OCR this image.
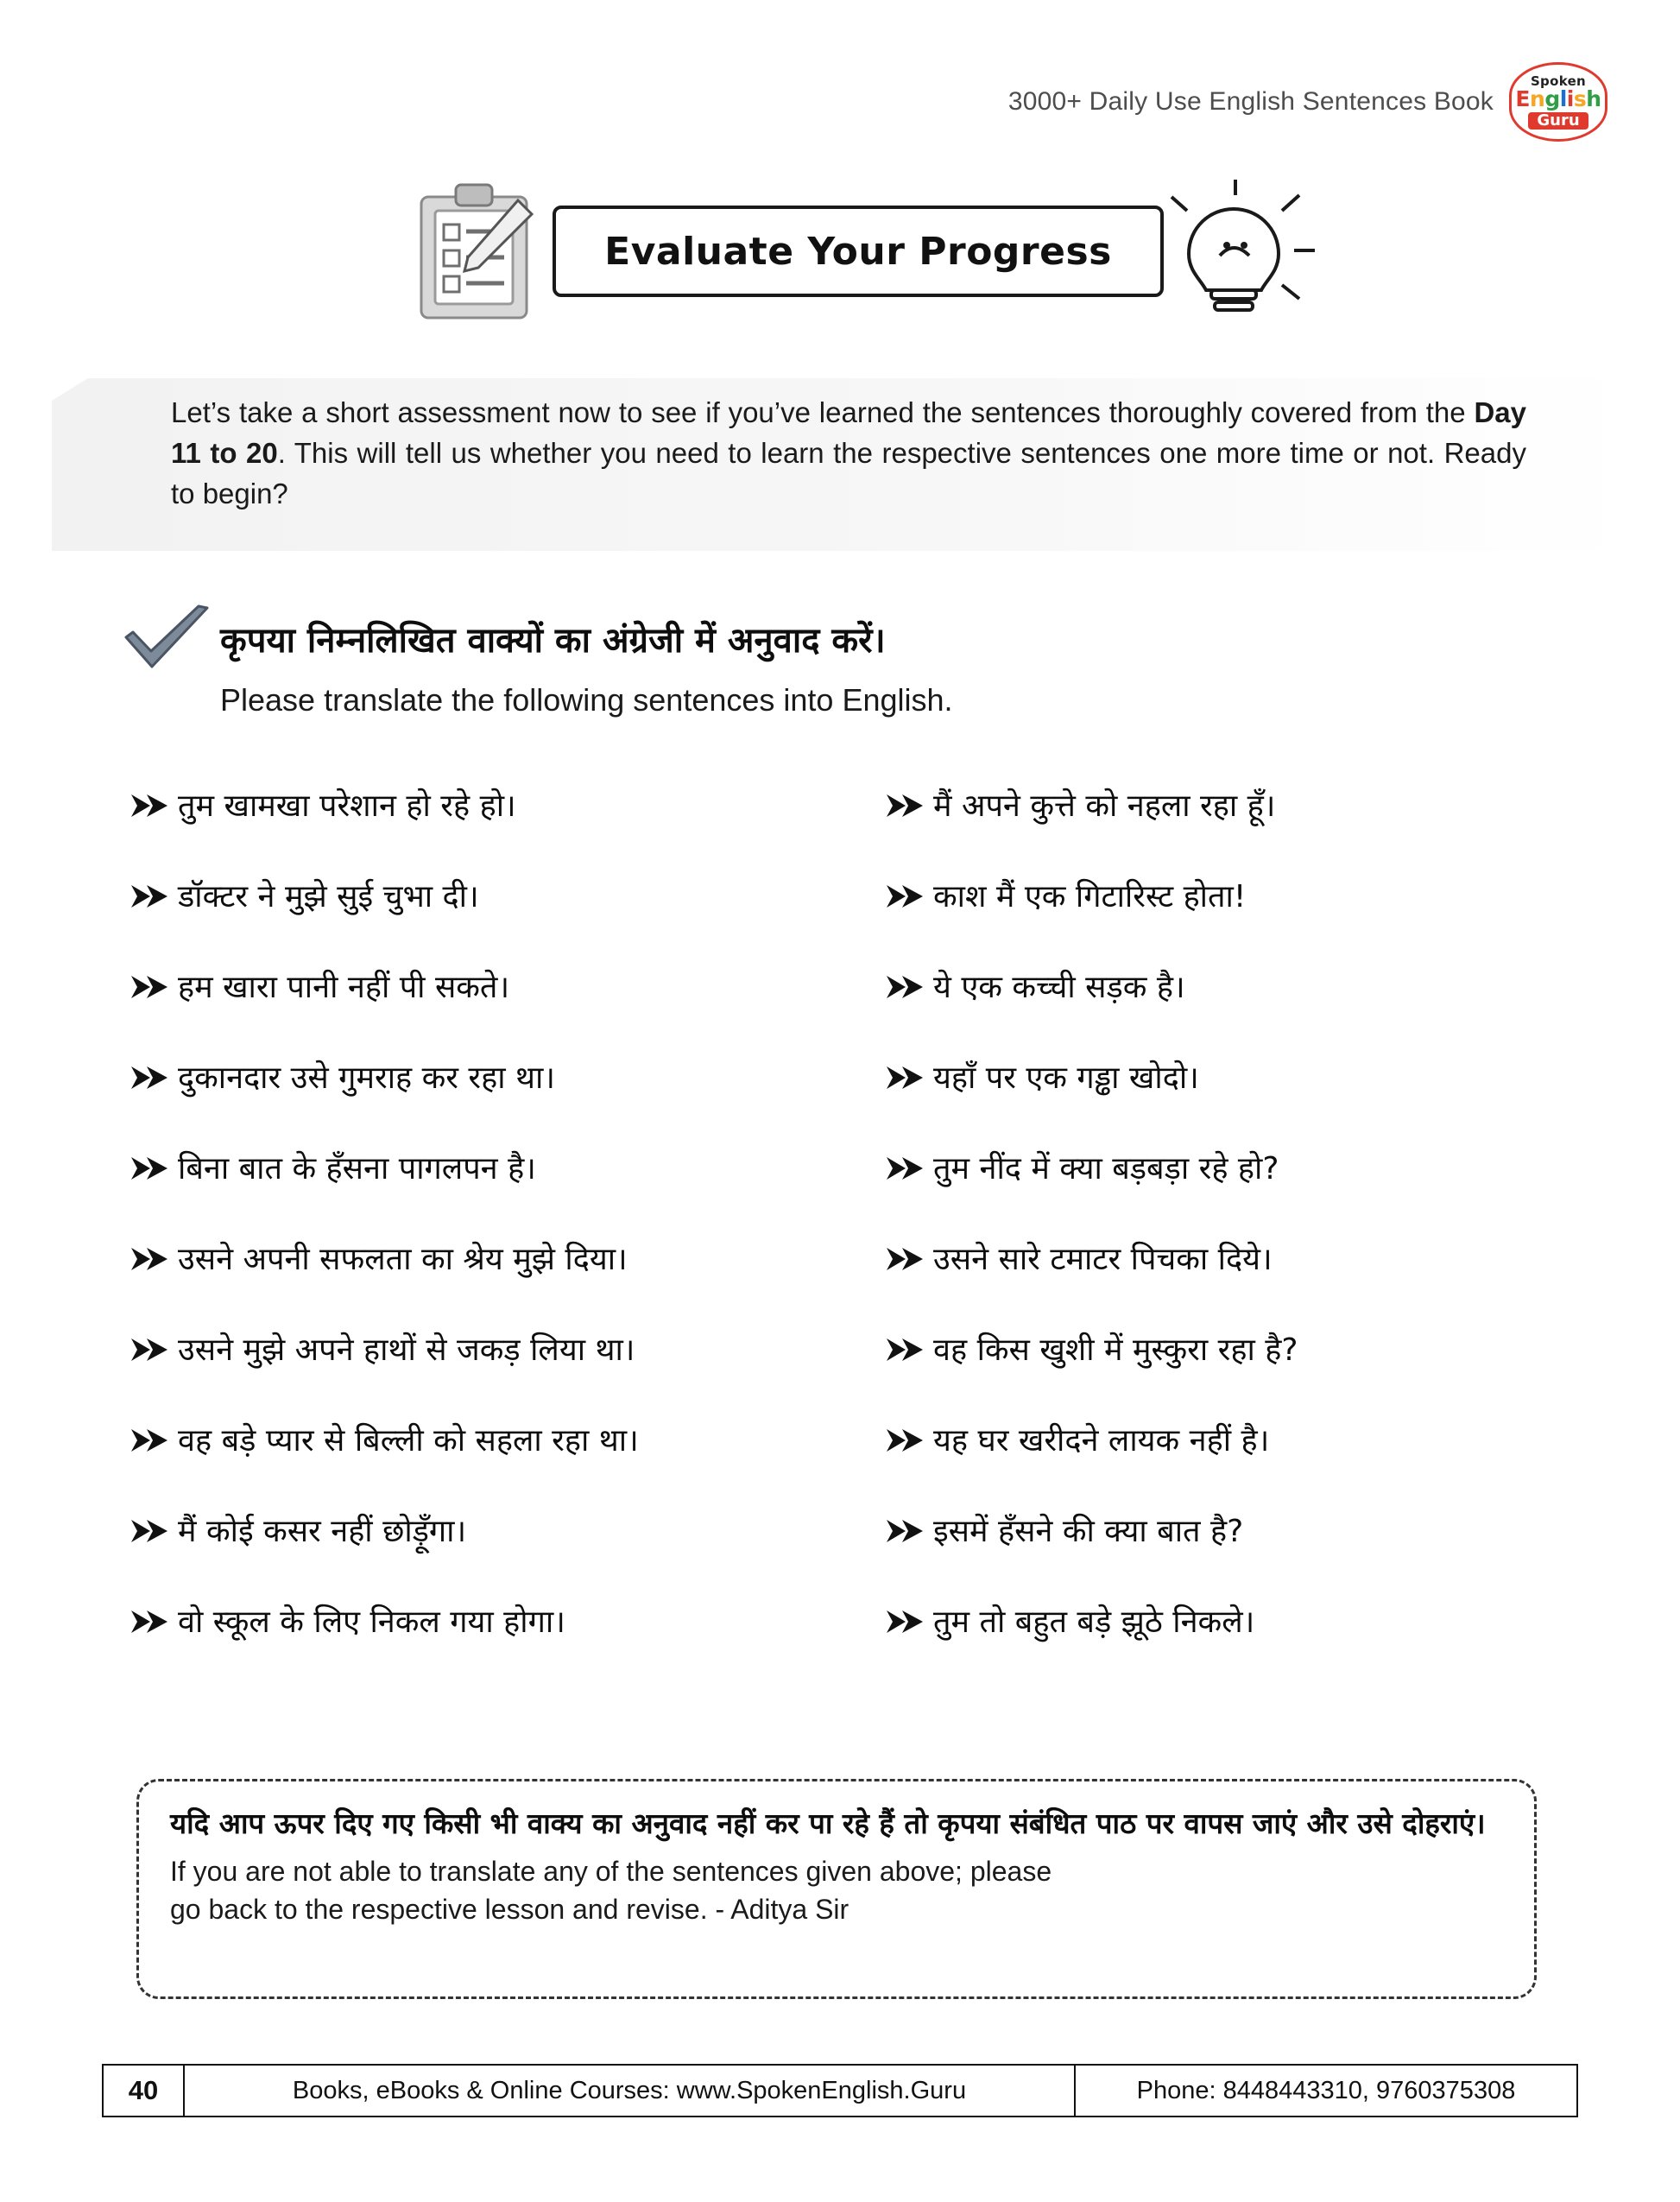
3000+ Daily Use English Sentences Book
Spoken
English
Guru
Evaluate Your Progress
Let’s take a short assessment now to see if you’ve learned the sentences thoroughly covered from the Day 11 to 20. This will tell us whether you need to learn the respective sentences one more time or not. Ready to begin?
कृपया निम्नलिखित वाक्यों का अंग्रेजी में अनुवाद करें।
Please translate the following sentences into English.
तुम खामखा परेशान हो रहे हो।
डॉक्टर ने मुझे सुई चुभा दी।
हम खारा पानी नहीं पी सकते।
दुकानदार उसे गुमराह कर रहा था।
बिना बात के हँसना पागलपन है।
उसने अपनी सफलता का श्रेय मुझे दिया।
उसने मुझे अपने हाथों से जकड़ लिया था।
वह बड़े प्यार से बिल्ली को सहला रहा था।
मैं कोई कसर नहीं छोड़ूँगा।
वो स्कूल के लिए निकल गया होगा।
मैं अपने कुत्ते को नहला रहा हूँ।
काश मैं एक गिटारिस्ट होता!
ये एक कच्ची सड़क है।
यहाँ पर एक गड्ढा खोदो।
तुम नींद में क्या बड़बड़ा रहे हो?
उसने सारे टमाटर पिचका दिये।
वह किस खुशी में मुस्कुरा रहा है?
यह घर खरीदने लायक नहीं है।
इसमें हँसने की क्या बात है?
तुम तो बहुत बड़े झूठे निकले।
यदि आप ऊपर दिए गए किसी भी वाक्य का अनुवाद नहीं कर पा रहे हैं तो कृपया संबंधित पाठ पर वापस जाएं और उसे दोहराएं।
If you are not able to translate any of the sentences given above; please
go back to the respective lesson and revise. - Aditya Sir
40	Books, eBooks & Online Courses: www.SpokenEnglish.Guru	Phone: 8448443310, 9760375308
